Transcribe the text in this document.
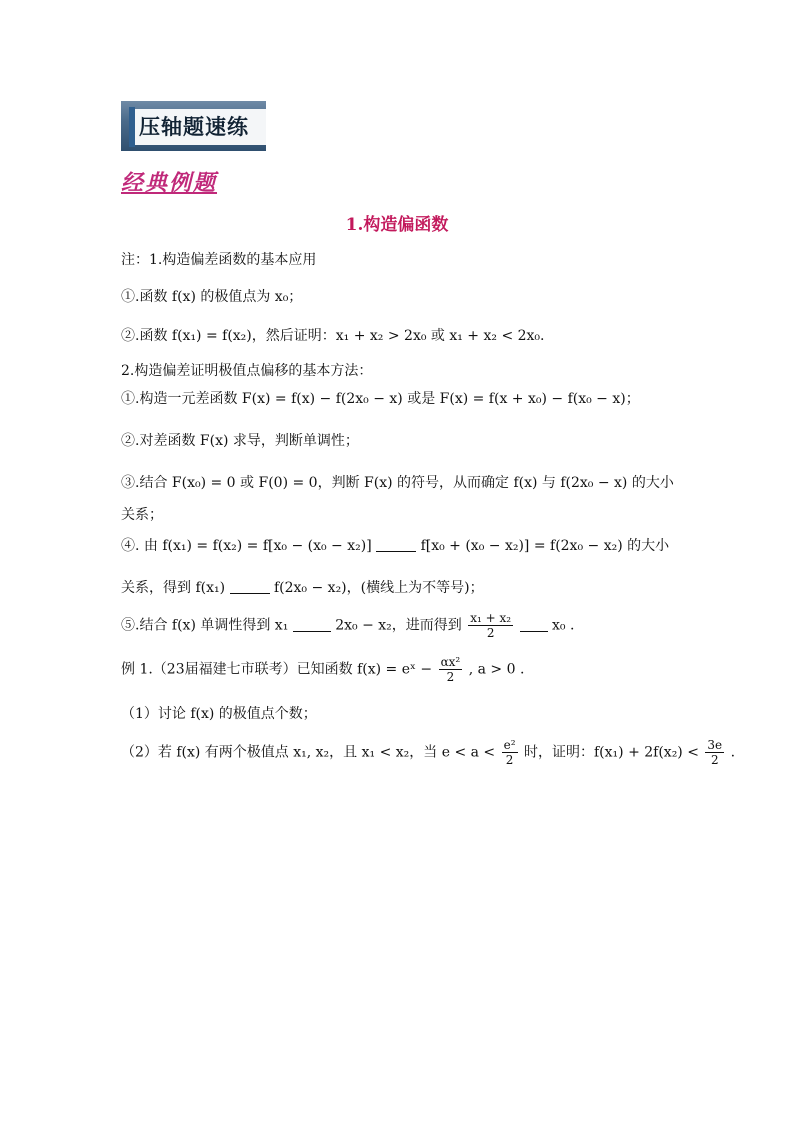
压轴题速练
经典例题
1.构造偏函数
注：1.构造偏差函数的基本应用
①.函数 f(x) 的极值点为 x₀；
②.函数 f(x₁) = f(x₂)，然后证明：x₁ + x₂ > 2x₀ 或 x₁ + x₂ < 2x₀.
2.构造偏差证明极值点偏移的基本方法：
①.构造一元差函数 F(x) = f(x) − f(2x₀ − x) 或是 F(x) = f(x + x₀) − f(x₀ − x)；
②.对差函数 F(x) 求导，判断单调性；
③.结合 F(x₀) = 0 或 F(0) = 0，判断 F(x) 的符号，从而确定 f(x) 与 f(2x₀ − x) 的大小
关系；
④. 由 f(x₁) = f(x₂) = f[x₀ − (x₀ − x₂)]	f[x₀ + (x₀ − x₂)] = f(2x₀ − x₂) 的大小
关系，得到 f(x₁)	f(2x₀ − x₂)，(横线上为不等号)；
⑤.结合 f(x) 单调性得到 x₁	2x₀ − x₂，进而得到 $\frac{\text{x₁ + x₂}}{2}$	x₀ .
例 1.（23届福建七市联考）已知函数 f(x) = eˣ − $\frac{\text{αx²}}{2}$ , a > 0 .
（1）讨论 f(x) 的极值点个数；
（2）若 f(x) 有两个极值点 x₁, x₂，且 x₁ < x₂，当 $e < a < \frac{\text{e²}}{2}$ 时，证明：$f(x_1) + 2f(x_2) < \frac{3e}{2}$ .
